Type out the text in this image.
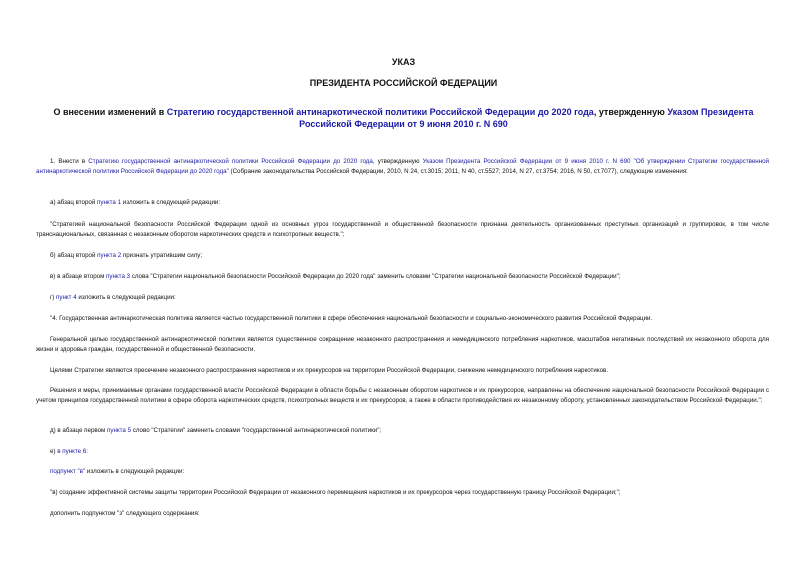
УКАЗ
ПРЕЗИДЕНТА РОССИЙСКОЙ ФЕДЕРАЦИИ
О внесении изменений в Стратегию государственной антинаркотической политики Российской Федерации до 2020 года, утвержденную Указом Президента Российской Федерации от 9 июня 2010 г. N 690
1. Внести в Стратегию государственной антинаркотической политики Российской Федерации до 2020 года, утвержденную Указом Президента Российской Федерации от 9 июня 2010 г. N 690 "Об утверждении Стратегии государственной антинаркотической политики Российской Федерации до 2020 года" (Собрание законодательства Российской Федерации, 2010, N 24, ст.3015; 2011, N 40, ст.5527; 2014, N 27, ст.3754; 2016, N 50, ст.7077), следующие изменения:
а) абзац второй пункта 1 изложить в следующей редакции:
"Стратегией национальной безопасности Российской Федерации одной из основных угроз государственной и общественной безопасности признана деятельность организованных преступных организаций и группировок, в том числе транснациональных, связанная с незаконным оборотом наркотических средств и психотропных веществ.";
б) абзац второй пункта 2 признать утратившим силу;
в) в абзаце втором пункта 3 слова "Стратегии национальной безопасности Российской Федерации до 2020 года" заменить словами "Стратегии национальной безопасности Российской Федерации";
г) пункт 4 изложить в следующей редакции:
"4. Государственная антинаркотическая политика является частью государственной политики в сфере обеспечения национальной безопасности и социально-экономического развития Российской Федерации.
Генеральной целью государственной антинаркотической политики является существенное сокращение незаконного распространения и немедицинского потребления наркотиков, масштабов негативных последствий их незаконного оборота для жизни и здоровья граждан, государственной и общественной безопасности.
Целями Стратегии являются пресечение незаконного распространения наркотиков и их прекурсоров на территории Российской Федерации, снижение немедицинского потребления наркотиков.
Решения и меры, принимаемые органами государственной власти Российской Федерации в области борьбы с незаконным оборотом наркотиков и их прекурсоров, направлены на обеспечение национальной безопасности Российской Федерации с учетом принципов государственной политики в сфере оборота наркотических средств, психотропных веществ и их прекурсоров, а также в области противодействия их незаконному обороту, установленных законодательством Российской Федерации.";
д) в абзаце первом пункта 5 слово "Стратегии" заменить словами "государственной антинаркотической политики";
е) в пункте 6:
подпункт "в" изложить в следующей редакции:
"в) создание эффективной системы защиты территории Российской Федерации от незаконного перемещения наркотиков и их прекурсоров через государственную границу Российской Федерации;";
дополнить подпунктом "з" следующего содержания:
